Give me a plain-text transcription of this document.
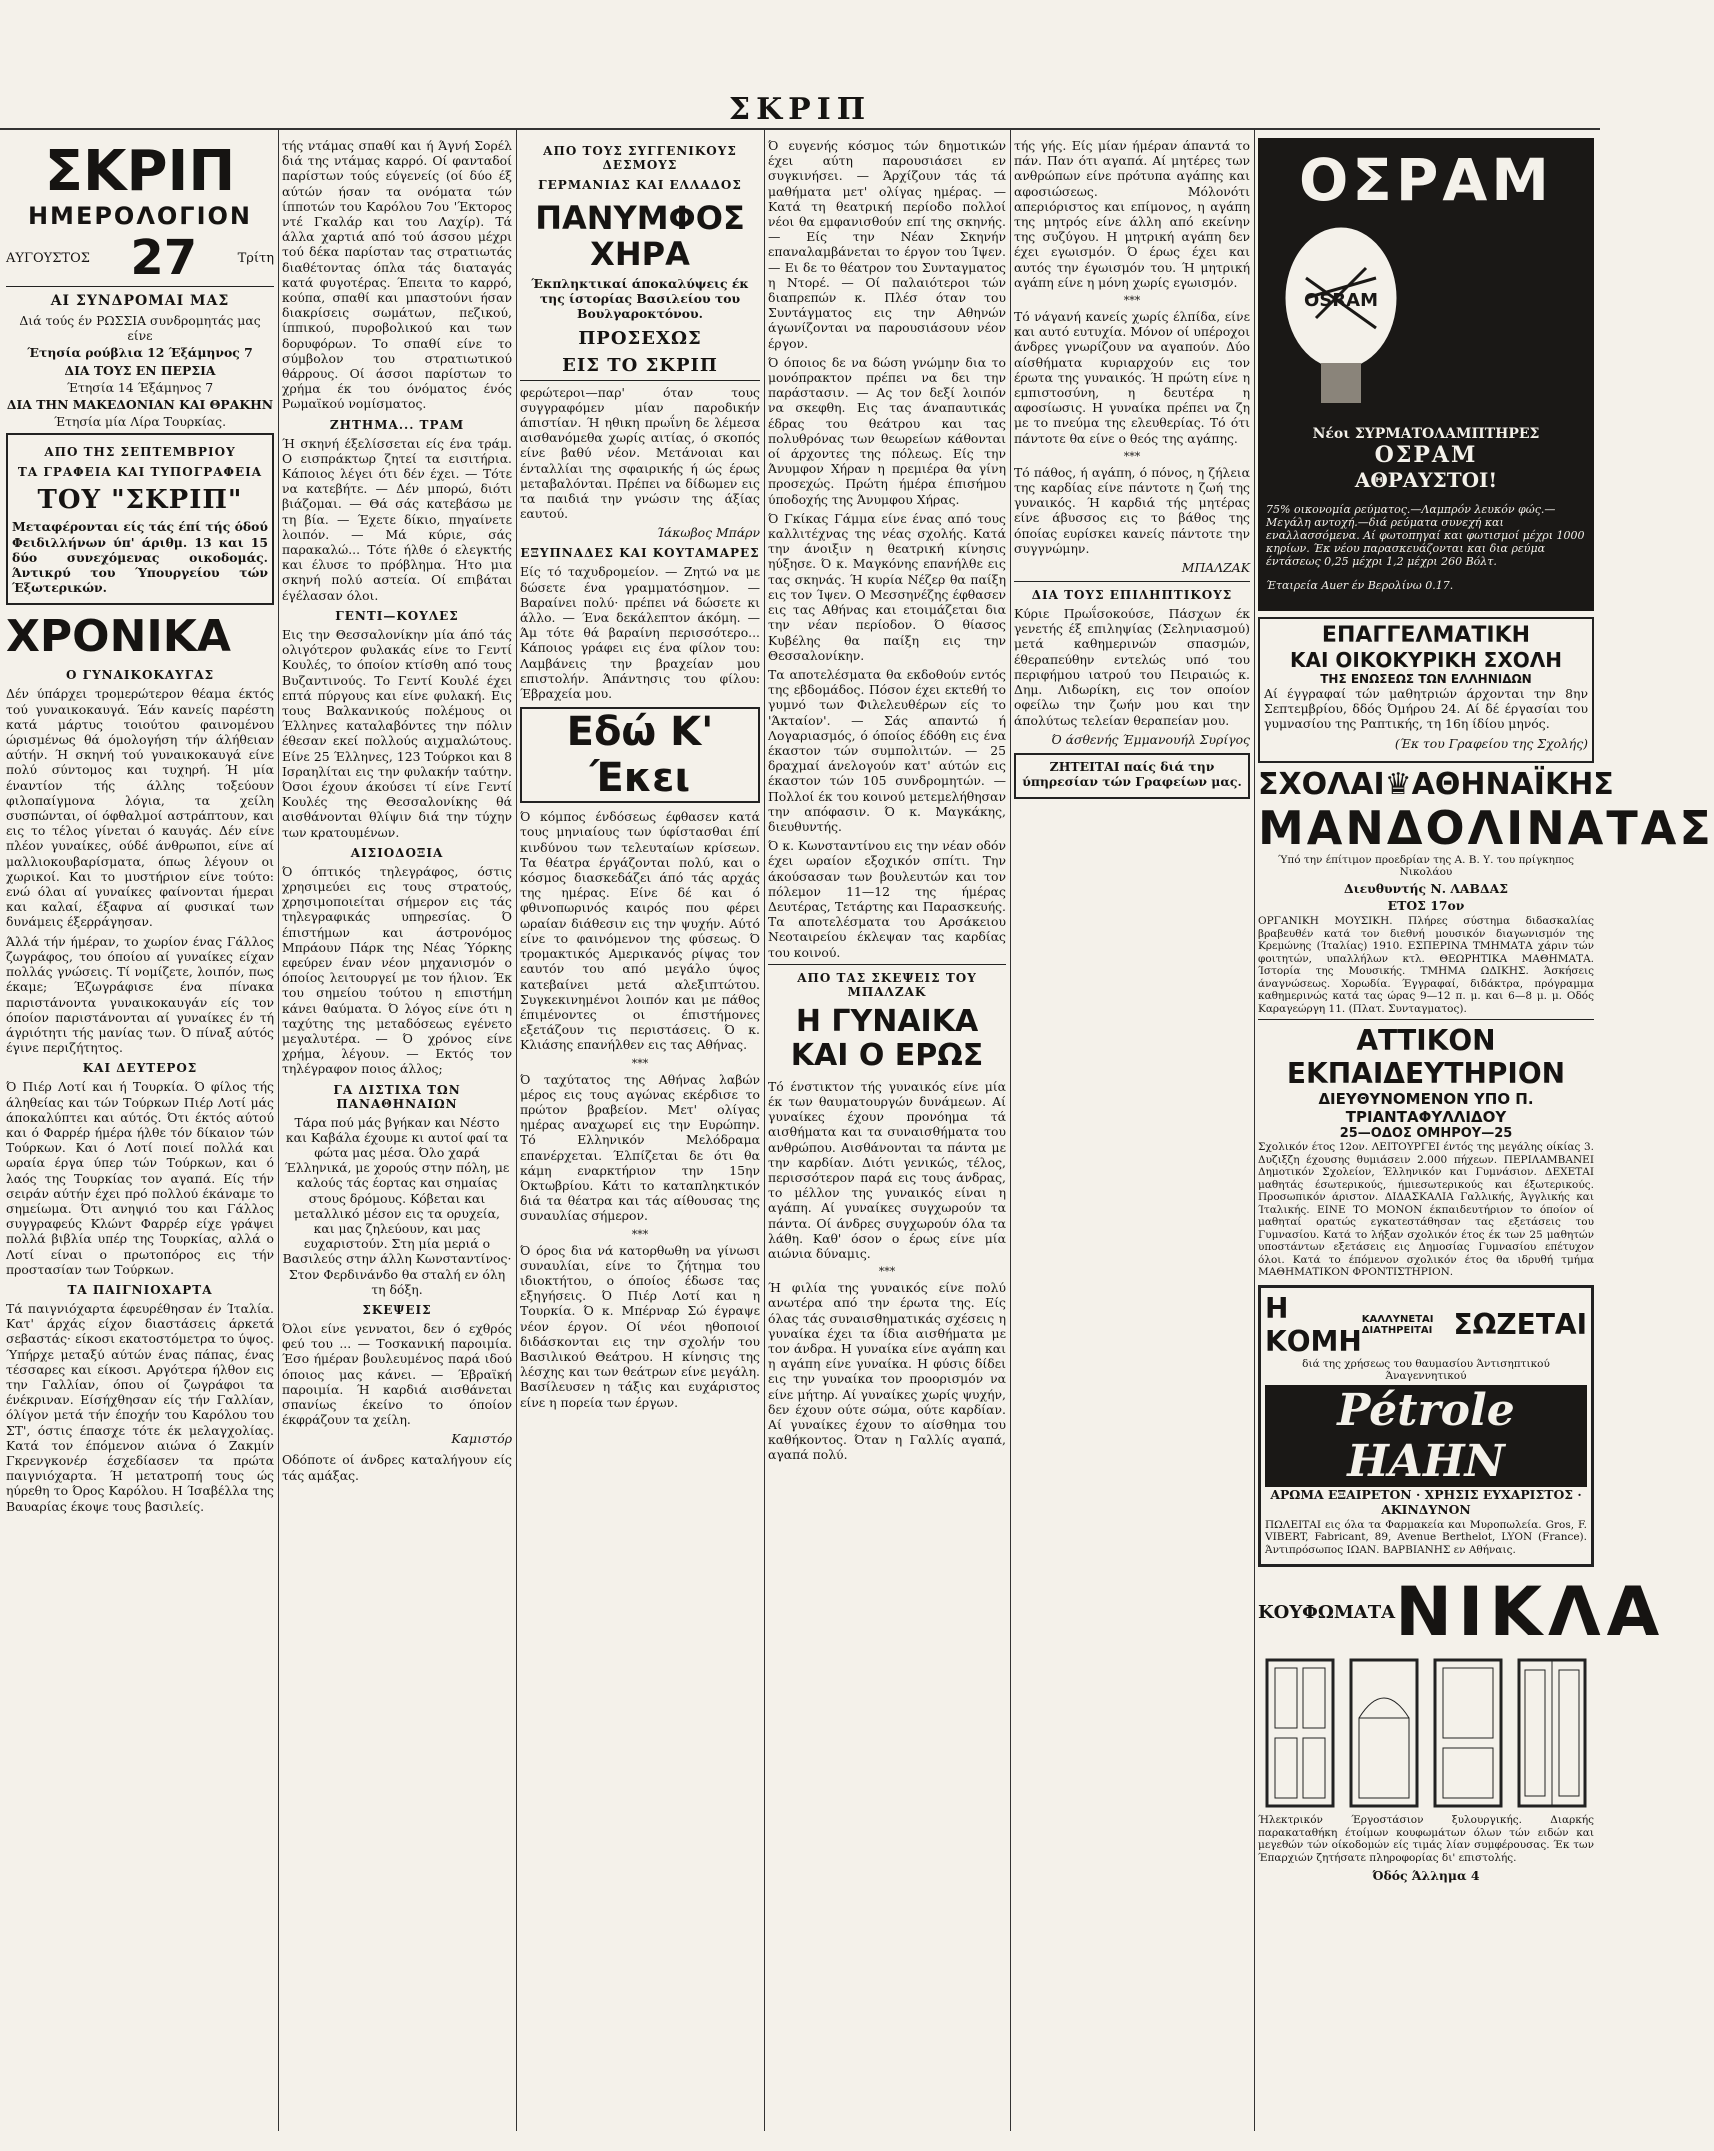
ΣΚΡΙΠ
ΣΚΡΙΠ
ΗΜΕΡΟΛΟΓΙΟΝ
ΑΥΓΟΥΣΤΟΣ 27	Τρίτη
ΑΙ ΣΥΝΔΡΟΜΑΙ ΜΑΣ

Διά τούς έν ΡΩΣΣΙΑ συνδρομητάς μας είνε

Έτησία ρούβλια 12 Έξάμηνος 7

ΔΙΑ ΤΟΥΣ ΕΝ ΠΕΡΣΙΑ

Έτησία 14 Έξάμηνος 7

ΔΙΑ ΤΗΝ ΜΑΚΕΔΟΝΙΑΝ ΚΑΙ ΘΡΑΚΗΝ

Έτησία μία Λίρα Τουρκίας.

ΑΠΟ ΤΗΣ ΣΕΠΤΕΜΒΡΙΟΥ
ΤΑ ΓΡΑΦΕΙΑ ΚΑΙ ΤΥΠΟΓΡΑΦΕΙΑ
ΤΟΥ "ΣΚΡΙΠ"

Μεταφέρονται είς τάς έπί τής όδού Φειδιλλήνων ύπ' άριθμ. 13 και 15 δύο συνεχόμενας οικοδομάς. Άντικρύ του Ύπουργείου τών Έξωτερικών.

ΧΡΟΝΙΚΑ
Ο ΓΥΝΑΙΚΟΚΑΥΓΑΣ

Δέν ύπάρχει τρομερώτερον θέαμα έκτός τού γυναικοκαυγά. Έάν κανείς παρέστη κατά μάρτυς τοιούτου φαινομένου ώρισμένως θά όμολογήση τήν άλήθειαν αύτήν. Ή σκηνή τού γυναικοκαυγά είνε πολύ σύντομος και τυχηρή. Ή μία έναντίον τής άλλης τοξεύουν φιλοπαίγμονα λόγια, τα χείλη συσπώνται, οί όφθαλμοί αστράπτουν, και εις το τέλος γίνεται ό καυγάς. Δέν είνε πλέον γυναίκες, ούδέ άνθρωποι, είνε αί μαλλιοκουβαρίσματα, όπως λέγουν οι χωρικοί. Και το μυστήριον είνε τούτο: ενώ όλαι αί γυναίκες φαίνονται ήμεραι και καλαί, έξαφνα αί φυσικαί των δυνάμεις έξερράγησαν.

Άλλά τήν ήμέραν, το χωρίον ένας Γάλλος ζωγράφος, του όποίου αί γυναίκες είχαν πολλάς γνώσεις. Τί νομίζετε, λοιπόν, πως έκαμε; Έζωγράφισε ένα πίνακα παριστάνοντα γυναικοκαυγάν είς τον όποίον παριστάνονται αί γυναίκες έν τή άγριότητι τής μανίας των. Ό πίναξ αύτός έγινε περιζήτητος.

ΚΑΙ ΔΕΥΤΕΡΟΣ

Ό Πιέρ Λοτί και ή Τουρκία. Ό φίλος τής άληθείας και τών Τούρκων Πιέρ Λοτί μάς άποκαλύπτει και αύτός. Ότι έκτός αύτού και ό Φαρρέρ ήμέρα ήλθε τόν δίκαιον τών Τούρκων. Και ό Λοτί ποιεί πολλά και ωραία έργα ύπερ τών Τούρκων, και ό λαός της Τουρκίας τον αγαπά. Είς τήν σειράν αύτήν έχει πρό πολλού έκάναμε το σημείωμα. Ότι ανηψιό του και Γάλλος συγγραφεύς Κλώντ Φαρρέρ είχε γράψει πολλά βιβλία υπέρ της Τουρκίας, αλλά ο Λοτί είναι ο πρωτοπόρος εις τήν προστασίαν των Τούρκων.

ΤΑ ΠΑΙΓΝΙΟΧΑΡΤΑ

Τά παιγνιόχαρτα έφευρέθησαν έν Ίταλία. Κατ' άρχάς είχον διαστάσεις άρκετά σεβαστάς· είκοσι εκατοστόμετρα το ύψος. Ύπήρχε μεταξύ αύτών ένας πάπας, ένας τέσσαρες και είκοσι. Αργότερα ήλθον εις την Γαλλίαν, όπου οί ζωγράφοι τα ένέκριναν. Είσήχθησαν είς τήν Γαλλίαν, όλίγον μετά τήν έποχήν του Καρόλου του ΣΤ', όστις έπασχε τότε έκ μελαγχολίας. Κατά τον έπόμενον αιώνα ό Ζακμίν Γκρενγκονέρ έσχεδίασεν τα πρώτα παιγνιόχαρτα. Ή μετατροπή τους ώς ηύρεθη το Όρος Καρόλου. Η Ίσαβέλλα της Βαυαρίας έκοψε τους βασιλείς.

τής ντάμας σπαθί και ή Άγνή Σορέλ διά της ντάμας καρρό. Οί φανταδοί παρίστων τούς εύγενείς (οί δύο έξ αύτών ήσαν τα ονόματα τών ίπποτών του Καρόλου 7ου 'Έκτορος ντέ Γκαλάρ και του Λαχίρ). Τά άλλα χαρτιά από τού άσσου μέχρι τού δέκα παρίσταν τας στρατιωτάς διαθέτοντας όπλα τάς διαταγάς κατά φυγοτέρας. Έπειτα το καρρό, κούπα, σπαθί και μπαστούνι ήσαν διακρίσεις σωμάτων, πεζικού, ίππικού, πυροβολικού και των δορυφόρων. Το σπαθί είνε το σύμβολον του στρατιωτικού θάρρους. Οί άσσοι παρίστων το χρήμα έκ του όνόματος ένός Ρωμαϊκού νομίσματος.

ΖΗΤΗΜΑ... ΤΡΑΜ

Ή σκηνή έξελίσσεται είς ένα τράμ. Ο εισπράκτωρ ζητεί τα εισιτήρια. Κάποιος λέγει ότι δέν έχει. — Τότε να κατεβήτε. — Δέν μπορώ, διότι βιάζομαι. — Θά σάς κατεβάσω με τη βία. — Έχετε δίκιο, πηγαίνετε λοιπόν. — Μά κύριε, σάς παρακαλώ... Τότε ήλθε ό ελεγκτής και έλυσε το πρόβλημα. Ήτο μια σκηνή πολύ αστεία. Οί επιβάται έγέλασαν όλοι.

ΓΕΝΤΙ—ΚΟΥΛΕΣ

Εις την Θεσσαλονίκην μία άπό τάς ολιγότερον φυλακάς είνε το Γεντί Κουλές, το όποίον κτίσθη από τους Βυζαντινούς. Το Γεντί Κουλέ έχει επτά πύργους και είνε φυλακή. Εις τους Βαλκανικούς πολέμους οι Έλληνες καταλαβόντες την πόλιν έθεσαν εκεί πολλούς αιχμαλώτους. Είνε 25 Έλληνες, 123 Τούρκοι και 8 Ισραηλίται εις την φυλακήν ταύτην. Όσοι έχουν άκούσει τί είνε Γεντί Κουλές της Θεσσαλονίκης θά αισθάνονται θλίψιν διά την τύχην των κρατουμένων.

ΑΙΣΙΟΔΟΞΙΑ

Ό όπτικός τηλεγράφος, όστις χρησιμεύει εις τους στρατούς, χρησιμοποιείται σήμερον εις τάς τηλεγραφικάς υπηρεσίας. Ό έπιστήμων και άστρονόμος Μπράουν Πάρκ της Νέας Ύόρκης εφεύρεν έναν νέον μηχανισμόν ο όποίος λειτουργεί με τον ήλιον. Έκ του σημείου τούτου η επιστήμη κάνει θαύματα. Ό λόγος είνε ότι η ταχύτης της μεταδόσεως εγένετο μεγαλυτέρα. — Ό χρόνος είνε χρήμα, λέγουν. — Εκτός τον τηλέγραφον ποιος άλλος;

ΓΑ ΔΙΣΤΙΧΑ ΤΩΝ ΠΑΝΑΘΗΝΑΙΩΝ

Τάρα πού μάς βγήκαν και Νέστο και Καβάλα έχουμε κι αυτοί φαί τα φώτα μας μέσα. Όλο χαρά Έλληνικά, με χορούς στην πόλη, με καλούς τάς έορτας και σημαίας στους δρόμους. Κόβεται και μεταλλικό μέσον εις τα ορυχεία, και μας ζηλεύουν, και μας ευχαριστούν. Στη μία μεριά ο Βασιλεύς στην άλλη Κωνσταντίνος· Στον Φερδινάνδο θα σταλή εν όλη τη δόξη.

ΣΚΕΨΕΙΣ

Όλοι είνε γεννατοι, δεν ό εχθρός φεύ του ... — Τοσκανική παροιμία. Έσο ήμέραν βουλευμένος παρά ιδού όποιος μας κάνει. — Έβραϊκή παροιμία. Ή καρδιά αισθάνεται σπανίως έκείνο το όποίον έκφράζουν τα χείλη.

Καμιστόρ

Οδόποτε οί άνδρες καταλήγουν είς τάς αμάξας.

ΑΠΟ ΤΟΥΣ ΣΥΓΓΕΝΙΚΟΥΣ ΔΕΣΜΟΥΣ
ΓΕΡΜΑΝΙΑΣ ΚΑΙ ΕΛΛΑΔΟΣ
ΠΑΝΥΜΦΟΣ ΧΗΡΑ

Έκπληκτικαί άποκαλύψεις έκ της ίστορίας Βασιλείου του Βουλγαροκτόνου.

ΠΡΟΣΕΧΩΣ
ΕΙΣ ΤΟ ΣΚΡΙΠ

φερώτεροι—παρ' όταν τους συγγραφόμεν μίαν παροδικήν άπιστίαν. Ή ηθικη πρωΐνη δε λέμεσα αισθανόμεθα χωρίς αιτίας, ό σκοπός είνε βαθύ νέον. Μετάνοιαι και ένταλλίαι της σφαιρικής ή ώς έρως μεταβαλόνται. Πρέπει να δίδωμεν εις τα παιδιά την γνώσιν της άξίας εαυτού.

Ίάκωβος Μπάρν
ΕΞΥΠΝΑΔΕΣ ΚΑΙ ΚΟΥΤΑΜΑΡΕΣ

Είς τό ταχυδρομείον. — Ζητώ να με δώσετε ένα γραμματόσημον. — Βαραίνει πολύ· πρέπει νά δώσετε κι άλλο. — Ένα δεκάλεπτον άκόμη. — Άμ τότε θά βαραίνη περισσότερο... Κάποιος γράφει εις ένα φίλον του: Λαμβάνεις την βραχείαν μου επιστολήν. Άπάντησις του φίλου: Έβραχεία μου.

Εδώ Κ' Έκει

Ό κόμπος ένδόσεως έφθασεν κατά τους μηνιαίους των ύφίστασθαι έπί κινδύνου των τελευταίων κρίσεων. Τα θέατρα έργάζονται πολύ, και ο κόσμος διασκεδάζει άπό τάς αρχάς της ημέρας. Είνε δέ και ό φθινοπωρινός καιρός που φέρει ωραίαν διάθεσιν εις την ψυχήν. Αύτό είνε το φαινόμενον της φύσεως. Ό τρομακτικός Αμερικανός ρίψας τον εαυτόν του από μεγάλο ύψος κατεβαίνει μετά αλεξιπτώτου. Συγκεκινημένοι λοιπόν και με πάθος έπιμένοντες οι έπιστήμονες εξετάζουν τις περιστάσεις. Ό κ. Κλιάσης επανήλθεν εις τας Αθήνας.

***

Ό ταχύτατος της Αθήνας λαβών μέρος εις τους αγώνας εκέρδισε το πρώτον βραβείον. Μετ' ολίγας ημέρας αναχωρεί εις την Ευρώπην. Τό Ελληνικόν Μελόδραμα επανέρχεται. Έλπίζεται δε ότι θα κάμη εναρκτήριον την 15ην Όκτωβρίου. Κάτι το καταπληκτικόν διά τα θέατρα και τάς αίθουσας της συναυλίας σήμερον.

***

Ό όρος δια νά κατορθωθη να γίνωσι συναυλίαι, είνε το ζήτημα του ιδιοκτήτου, ο όποίος έδωσε τας εξηγήσεις. Ό Πιέρ Λοτί και η Τουρκία. Ό κ. Μπέρναρ Σώ έγραψε νέον έργον. Οί νέοι ηθοποιοί διδάσκονται εις την σχολήν του Βασιλικού Θεάτρου. Η κίνησις της λέσχης και των θεάτρων είνε μεγάλη. Βασίλευσεν η τάξις και ευχάριστος είνε η πορεία των έργων.

Ό ευγενής κόσμος τών δημοτικών έχει αύτη παρουσιάσει εν συγκινήσει. — Άρχίζουν τάς τά μαθήματα μετ' ολίγας ημέρας. — Κατά τη θεατρική περίοδο πολλοί νέοι θα εμφανισθούν επί της σκηνής. — Είς την Νέαν Σκηνήν επαναλαμβάνεται το έργον του Ίψεν. — Ει δε το θέατρον του Συνταγματος η Ντορέ. — Οί παλαιότεροι τών διαπρεπών κ. Πλέσ όταν του Συντάγματος εις την Αθηνών άγωνίζονται να παρουσιάσουν νέον έργον.

Ό όποιος δε να δώση γνώμην δια το μονόπρακτον πρέπει να δει την παράστασιν. — Ας τον δεξί λοιπόν να σκεφθη. Εις τας άναπαυτικάς έδρας του θεάτρου και τας πολυθρόνας των θεωρείων κάθονται οί άρχοντες της πόλεως. Είς την Άνυμφον Χήραν η πρεμιέρα θα γίνη προσεχώς. Πρώτη ήμέρα έπισήμου ύποδοχής της Άνυμφου Χήρας.

Ό Γκίκας Γάμμα είνε ένας από τους καλλιτέχνας της νέας σχολής. Κατά την άνοιξιν η θεατρική κίνησις ηύξησε. Ό κ. Μαγκόνης επανήλθε εις τας σκηνάς. Ή κυρία Νέζερ θα παίξη εις τον Ίψεν. Ο Μεσσηνέζης έφθασεν εις τας Αθήνας και ετοιμάζεται δια την νέαν περίοδον. Ό θίασος Κυβέλης θα παίξη εις την Θεσσαλονίκην.

Τα αποτελέσματα θα εκδοθούν εντός της εβδομάδος. Πόσον έχει εκτεθή το γυμνό των Φιλελευθέρων είς το 'Άκταίον'. — Σάς απαντώ ή Λογαριασμός, ό όποίος έδόθη εις ένα έκαστον τών συμπολιτών. — 25 δραχμαί άνελογούν κατ' αύτών εις έκαστον τών 105 συνδρομητών. — Πολλοί έκ του κοινού μετεμελήθησαν την απόφασιν. Ό κ. Μαγκάκης, διευθυντής.

Ό κ. Κωνσταντίνου εις την νέαν οδόν έχει ωραίον εξοχικόν σπίτι. Την άκούσασαν των βουλευτών και τον πόλεμον 11—12 της ήμέρας Δευτέρας, Τετάρτης και Παρασκευής. Τα αποτελέσματα του Αρσάκειου Νεοταιρείου έκλεψαν τας καρδίας του κοινού.

ΑΠΟ ΤΑΣ ΣΚΕΨΕΙΣ ΤΟΥ ΜΠΑΛΖΑΚ
Η ΓΥΝΑΙΚΑ ΚΑΙ Ο ΕΡΩΣ

Τό ένστικτον τής γυναικός είνε μία έκ των θαυματουργών δυνάμεων. Αί γυναίκες έχουν προνόημα τά αισθήματα και τα συναισθήματα του ανθρώπου. Αισθάνονται τα πάντα με την καρδίαν. Διότι γενικώς, τέλος, περισσότερον παρά εις τους άνδρας, το μέλλον της γυναικός είναι η αγάπη. Αί γυναίκες συγχωρούν τα πάντα. Οί άνδρες συγχωρούν όλα τα λάθη. Καθ' όσον ο έρως είνε μία αιώνια δύναμις.

***

Ή φιλία της γυναικός είνε πολύ ανωτέρα από την έρωτα της. Είς όλας τάς συναισθηματικάς σχέσεις η γυναίκα έχει τα ίδια αισθήματα με τον άνδρα. Η γυναίκα είνε αγάπη και η αγάπη είνε γυναίκα. Η φύσις δίδει εις την γυναίκα τον προορισμόν να είνε μήτηρ. Αί γυναίκες χωρίς ψυχήν, δεν έχουν ούτε σώμα, ούτε καρδίαν. Αί γυναίκες έχουν το αίσθημα του καθήκοντος. Όταν η Γαλλίς αγαπά, αγαπά πολύ.

τής γής. Είς μίαν ήμέραν άπαντά το πάν. Παν ότι αγαπά. Αί μητέρες των ανθρώπων είνε πρότυπα αγάπης και αφοσιώσεως. Μόλονότι απεριόριστος και επίμονος, η αγάπη της μητρός είνε άλλη από εκείνην της συζύγου. Η μητρική αγάπη δεν έχει εγωισμόν. Ό έρως έχει και αυτός την έγωισμόν του. Ή μητρική αγάπη είνε η μόνη χωρίς εγωισμόν.

***

Τό νάγανή κανείς χωρίς έλπίδα, είνε και αυτό ευτυχία. Μόνον οί υπέροχοι άνδρες γνωρίζουν να αγαπούν. Δύο αίσθήματα κυριαρχούν εις τον έρωτα της γυναικός. Ή πρώτη είνε η εμπιστοσύνη, η δευτέρα η αφοσίωσις. Η γυναίκα πρέπει να ζη με το πνεύμα της ελευθερίας. Τό ότι πάντοτε θα είνε ο θεός της αγάπης.

***

Τό πάθος, ή αγάπη, ό πόνος, η ζήλεια της καρδίας είνε πάντοτε η ζωή της γυναικός. Ή καρδιά τής μητέρας είνε άβυσσος εις το βάθος της όποίας ευρίσκει κανείς πάντοτε την συγγνώμην.

ΜΠΑΛΖΑΚ
ΔΙΑ ΤΟΥΣ ΕΠΙΛΗΠΤΙΚΟΥΣ

Κύριε Πρωΐσοκούσε, Πάσχων έκ γενετής έξ επιληψίας (Σεληνιασμού) μετά καθημερινών σπασμών, έθεραπεύθην εντελώς υπό του περιφήμου ιατρού του Πειραιώς κ. Δημ. Λιδωρίκη, εις τον οποίον οφείλω την ζωήν μου και την άπολύτως τελείαν θεραπείαν μου.

Ό άσθενής Έμμανουήλ Συρίγος

ΖΗΤΕΙΤΑΙ παίς διά την ύπηρεσίαν τών Γραφείων μας.

ΟΣΡΑΜ
OSRAM
Νέοι ΣΥΡΜΑΤΟΛΑΜΠΤΗΡΕΣ
ΟΣΡΑΜ
ΑΘΡΑΥΣΤΟΙ!

75% οικονομία ρεύματος.—Λαμπρόν λευκόν φώς.—Μεγάλη αντοχή.—διά ρεύματα συνεχή και εναλλασσόμενα. Αί φωτοπηγαί και φωτισμοί μέχρι 1000 κηρίων. Έκ νέου παρασκευάζονται και δια ρεύμα έντάσεως 0,25 μέχρι 1,2 μέχρι 260 Βόλτ.

Έταιρεία Auer έν Βερολίνω 0.17.

ΕΠΑΓΓΕΛΜΑΤΙΚΗ
ΚΑΙ ΟΙΚΟΚΥΡΙΚΗ ΣΧΟΛΗ
ΤΗΣ ΕΝΩΣΕΩΣ ΤΩΝ ΕΛΛΗΝΙΔΩΝ

Αί έγγραφαί τών μαθητριών άρχονται την 8ην Σεπτεμβρίου, δδός Όμήρου 24. Αί δέ έργασίαι του γυμνασίου της Ραπτικής, τη 16η ίδίου μηνός.

(Έκ του Γραφείου της Σχολής)
ΣΧΟΛΑΙ ♛ ΑΘΗΝΑΪΚΗΣ
ΜΑΝΔΟΛΙΝΑΤΑΣ

Ύπό την έπίτιμον προεδρίαν της Α. Β. Υ. του πρίγκηπος Νικολάου

Διευθυντής Ν. ΛΑΒΔΑΣ

ΕΤΟΣ 17ον

ΟΡΓΑΝΙΚΗ ΜΟΥΣΙΚΗ. Πλήρες σύστημα διδασκαλίας βραβευθέν κατά τον διεθνή μουσικόν διαγωνισμόν της Κρεμώνης (Ίταλίας) 1910. ΕΣΠΕΡΙΝΑ ΤΜΗΜΑΤΑ χάριν τών φοιτητών, υπαλλήλων κτλ. ΘΕΩΡΗΤΙΚΑ ΜΑΘΗΜΑΤΑ. Ίστορία της Μουσικής. ΤΜΗΜΑ ΩΔΙΚΗΣ. Άσκήσεις άναγνώσεως. Χορωδία. Έγγραφαί, διδάκτρα, πρόγραμμα καθημερινώς κατά τας ώρας 9—12 π. μ. και 6—8 μ. μ. Οδός Καραγεώργη 11. (Πλατ. Συνταγματος).

ΑΤΤΙΚΟΝ ΕΚΠΑΙΔΕΥΤΗΡΙΟΝ
ΔΙΕΥΘΥΝΟΜΕΝΟΝ ΥΠΟ Π. ΤΡΙΑΝΤΑΦΥΛΛΙΔΟΥ
25—ΟΔΟΣ ΟΜΗΡΟΥ—25

Σχολικόν έτος 12ον. ΛΕΙΤΟΥΡΓΕΙ έντός της μεγάλης οίκίας 3. Δυζιξζη έχουσης θυμιάσειν 2.000 πήχεων. ΠΕΡΙΛΑΜΒΑΝΕΙ Δημοτικόν Σχολείον, Έλληνικόν και Γυμνάσιον. ΔΕΧΕΤΑΙ μαθητάς έσωτερικούς, ήμιεσωτερικούς και έξωτερικούς. Προσωπικόν άριστον. ΔΙΔΑΣΚΑΛΙΑ Γαλλικής, Άγγλικής και Ίταλικής. ΕΙΝΕ ΤΟ ΜΟΝΟΝ έκπαιδευτήριον το όποίον οί μαθηταί ορατώς εγκατεστάθησαν τας εξετάσεις του Γυμνασίου. Κατά το λήξαν σχολικόν έτος έκ των 25 μαθητών υποστάντων εξετάσεις εις Δημοσίας Γυμνασίου επέτυχον όλοι. Κατά το έπόμενον σχολικόν έτος θα ιδρυθή τμήμα ΜΑΘΗΜΑΤΙΚΟΝ ΦΡΟΝΤΙΣΤΗΡΙΟΝ.

Η ΚΟΜΗ
ΚΑΛΛΥΝΕΤΑΙ ΔΙΑΤΗΡΕΙΤΑΙ ΣΩΖΕΤΑΙ

διά της χρήσεως του θαυμασίου Άντισηπτικού Άναγεννητικού

Pétrole HAHN

ΑΡΩΜΑ ΕΞΑΙΡΕΤΟΝ · ΧΡΗΣΙΣ ΕΥΧΑΡΙΣΤΟΣ · ΑΚΙΝΔΥΝΟΝ

ΠΩΛΕΙΤΑΙ εις όλα τα Φαρμακεία και Μυροπωλεία. Gros, F. VIBERT, Fabricant, 89, Avenue Berthelot, LYON (France). Άντιπρόσωπος ΙΩΑΝ. ΒΑΡΒΙΑΝΗΣ εν Αθήναις.

ΚΟΥΦΩΜΑΤΑ ΝΙΚΛΑ

Ήλεκτρικόν Έργοστάσιον ξυλουργικής. Διαρκής παρακαταθήκη έτοίμων κουφωμάτων όλων τών ειδών και μεγεθών τών οίκοδομών είς τιμάς λίαν συμφέρουσας. Έκ των Έπαρχιών ζητήσατε πληροφορίας δι' επιστολής.

Όδός Άλλημα 4
